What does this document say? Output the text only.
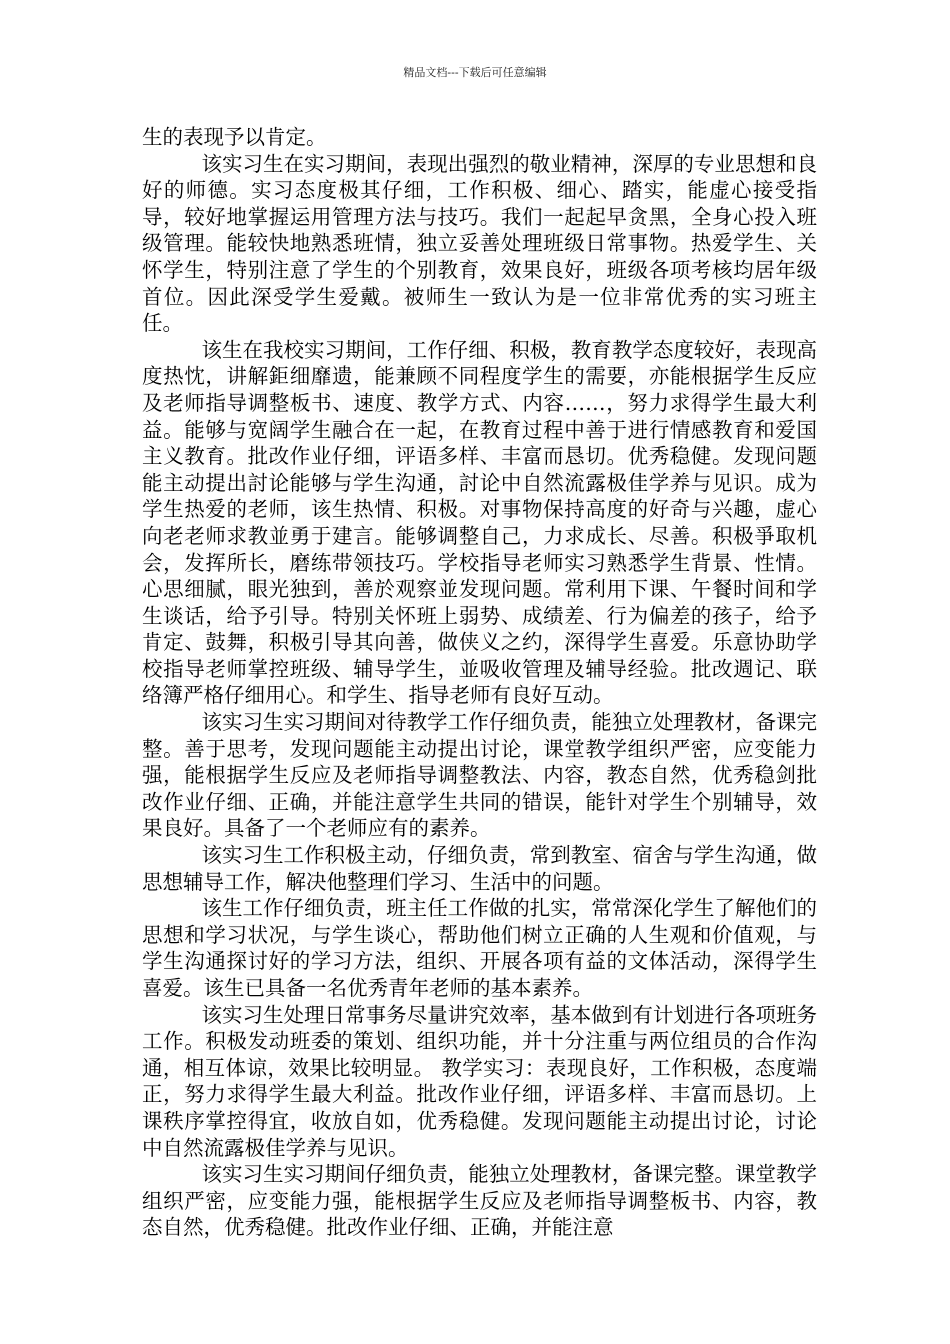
精品文档---下载后可任意编辑

生的表现予以肯定。

该实习生在实习期间，表现出强烈的敬业精神，深厚的专业思想和良好的师德。实习态度极其仔细，工作积极、细心、踏实，能虚心接受指导，较好地掌握运用管理方法与技巧。我们一起起早贪黑，全身心投入班级管理。能较快地熟悉班情，独立妥善处理班级日常事物。热爱学生、关怀学生，特别注意了学生的个别教育，效果良好，班级各项考核均居年级首位。因此深受学生爱戴。被师生一致认为是一位非常优秀的实习班主任。

该生在我校实习期间，工作仔细、积极，教育教学态度较好，表现高度热忱，讲解鉅细靡遗，能兼顾不同程度学生的需要，亦能根据学生反应及老师指导调整板书、速度、教学方式、内容……，努力求得学生最大利益。能够与宽阔学生融合在一起，在教育过程中善于进行情感教育和爱国主义教育。批改作业仔细，评语多样、丰富而恳切。优秀稳健。发现问题能主动提出討论能够与学生沟通，討论中自然流露极佳学养与见识。成为学生热爱的老师，该生热情、积极。对事物保持高度的好奇与兴趣，虚心向老老师求教並勇于建言。能够调整自己，力求成长、尽善。积极爭取机会，发挥所长，磨练带领技巧。学校指导老师实习熟悉学生背景、性情。心思细腻，眼光独到，善於观察並发现问题。常利用下课、午餐时间和学生谈话，给予引导。特别关怀班上弱势、成绩差、行为偏差的孩子，给予肯定、鼓舞，积极引导其向善，做侠义之约，深得学生喜爱。乐意协助学校指导老师掌控班级、辅导学生，並吸收管理及辅导经验。批改週记、联络簿严格仔细用心。和学生、指导老师有良好互动。

该实习生实习期间对待教学工作仔细负责，能独立处理教材，备课完整。善于思考，发现问题能主动提出讨论，课堂教学组织严密，应变能力强，能根据学生反应及老师指导调整教法、内容，教态自然，优秀稳剑批改作业仔细、正确，并能注意学生共同的错误，能针对学生个别辅导，效果良好。具备了一个老师应有的素养。

该实习生工作积极主动，仔细负责，常到教室、宿舍与学生沟通，做思想辅导工作，解决他整理们学习、生活中的问题。

该生工作仔细负责，班主任工作做的扎实，常常深化学生了解他们的思想和学习状况，与学生谈心，帮助他们树立正确的人生观和价值观，与学生沟通探讨好的学习方法，组织、开展各项有益的文体活动，深得学生喜爱。该生已具备一名优秀青年老师的基本素养。

该实习生处理日常事务尽量讲究效率，基本做到有计划进行各项班务工作。积极发动班委的策划、组织功能，并十分注重与两位组员的合作沟通，相互体谅，效果比较明显。 教学实习：表现良好，工作积极，态度端正，努力求得学生最大利益。批改作业仔细，评语多样、丰富而恳切。上课秩序掌控得宜，收放自如，优秀稳健。发现问题能主动提出讨论，讨论中自然流露极佳学养与见识。

该实习生实习期间仔细负责，能独立处理教材，备课完整。课堂教学组织严密，应变能力强，能根据学生反应及老师指导调整板书、内容，教态自然，优秀稳健。批改作业仔细、正确，并能注意
